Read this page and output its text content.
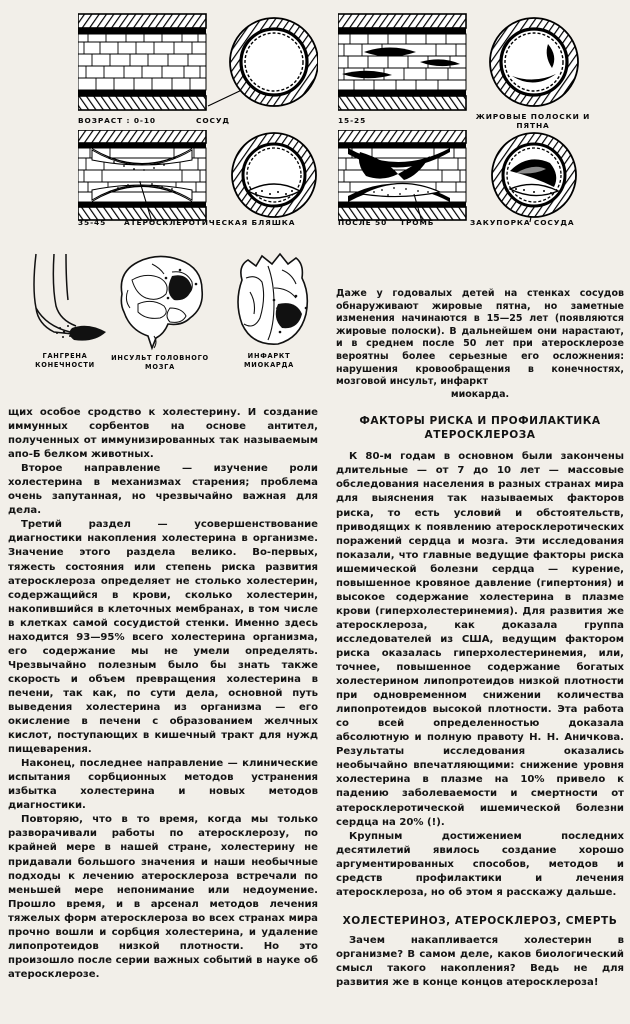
ВОЗРАСТ : 0-10	СОСУД	15-25	ЖИРОВЫЕ ПОЛОСКИ И
ПЯТНА
35-45 АТЕРОСКЛЕРОТИЧЕСКАЯ БЛЯШКА	ПОСЛЕ 50 ТРОМБ	ЗАКУПОРКА СОСУДА
ГАНГРЕНА
КОНЕЧНОСТИ
ИНСУЛЬТ ГОЛОВНОГО
МОЗГА
ИНФАРКТ
МИОКАРДА
Даже у годовалых детей на стенках сосудов обнаруживают жировые пятна, но заметные изменения начинаются в 15—25 лет (появляются жировые полоски). В дальнейшем они нарастают, и в среднем после 50 лет при атеросклерозе вероятны более серьезные его осложнения: нарушения кровообращения в конечностях, мозговой инсульт, инфаркт
миокарда.
ФАКТОРЫ РИСКА И ПРОФИЛАКТИКА
АТЕРОСКЛЕРОЗА

К 80-м годам в основном были закончены длительные — от 7 до 10 лет — массовые обследования населения в разных странах мира для выяснения так называемых факторов риска, то есть условий и обстоятельств, приводящих к появлению атеросклеротических поражений сердца и мозга. Эти исследования показали, что главные ведущие факторы риска ишемической болезни сердца — курение, повышенное кровяное давление (гипертония) и высокое содержание холестерина в плазме крови (гиперхолестеринемия). Для развития же атеросклероза, как доказала группа исследователей из США, ведущим фактором риска оказалась гиперхолестеринемия, или, точнее, повышенное содержание богатых холестерином липопротеидов низкой плотности при одновременном снижении количества липопротеидов высокой плотности. Эта работа со всей определенностью доказала абсолютную и полную правоту Н. Н. Аничкова. Результаты исследования оказались необычайно впечатляющими: снижение уровня холестерина в плазме на 10% привело к падению заболеваемости и смертности от атеросклеротической ишемической болезни сердца на 20% (!).

Крупным достижением последних десятилетий явилось создание хорошо аргументированных способов, методов и средств профилактики и лечения атеросклероза, но об этом я расскажу дальше.

ХОЛЕСТЕРИНОЗ, АТЕРОСКЛЕРОЗ, СМЕРТЬ

Зачем накапливается холестерин в организме? В самом деле, каков биологический смысл такого накопления? Ведь не для развития же в конце концов атеросклероза!

щих особое сродство к холестерину. И создание иммунных сорбентов на основе антител, полученных от иммунизированных так называемым апо-Б белком животных.

Второе направление — изучение роли холестерина в механизмах старения; проблема очень запутанная, но чрезвычайно важная для дела.

Третий раздел — усовершенствование диагностики накопления холестерина в организме. Значение этого раздела велико. Во-первых, тяжесть состояния или степень риска развития атеросклероза определяет не столько холестерин, содержащийся в крови, сколько холестерин, накопившийся в клеточных мембранах, в том числе в клетках самой сосудистой стенки. Именно здесь находится 93—95% всего холестерина организма, его содержание мы не умели определять. Чрезвычайно полезным было бы знать также скорость и объем превращения холестерина в печени, так как, по сути дела, основной путь выведения холестерина из организма — его окисление в печени с образованием желчных кислот, поступающих в кишечный тракт для нужд пищеварения.

Наконец, последнее направление — клинические испытания сорбционных методов устранения избытка холестерина и новых методов диагностики.

Повторяю, что в то время, когда мы только разворачивали работы по атеросклерозу, по крайней мере в нашей стране, холестерину не придавали большого значения и наши необычные подходы к лечению атеросклероза встречали по меньшей мере непонимание или недоумение. Прошло время, и в арсенал методов лечения тяжелых форм атеросклероза во всех странах мира прочно вошли и сорбция холестерина, и удаление липопротеидов низкой плотности. Но это произошло после серии важных событий в науке об атеросклерозе.
